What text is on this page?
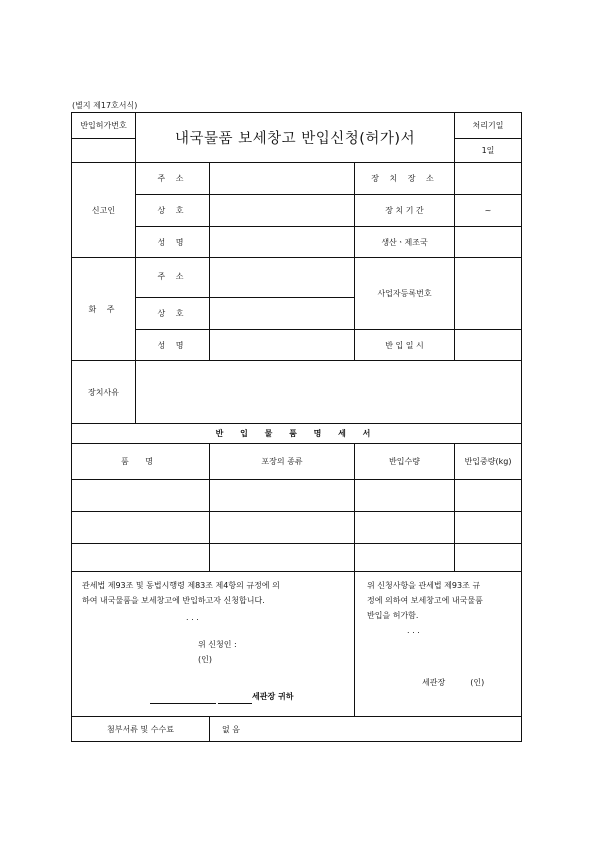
(별지 제17호서식)
반입허가번호	내국물품 보세창고 반입신청(허가)서			처리기일
				1일
신고인	주 소		장 치 장 소	
	상 호		장 치 기 간	~
	성 명		생산ㆍ제조국	
화 주	주 소		사업자등록번호	
	상 호			
	성 명		반 입 일 시	
장치사유				
반 입 물 품 명 세 서				
품 명		포장의 종류	반입수량	반입중량(kg)

관세법 제93조 및 동법시행령 제83조 제4항의 규정에 의
하여 내국물품을 보세창고에 반입하고자 신청합니다.
. . .
위 신청인 :  (인)
세관장 귀하			위 신청사항을 관세법 제93조 규
정에 의하여 보세창고에 내국물품
반입을 허가함.
. . .
세관장 (인)	

첨부서류 및 수수료		없 음		
